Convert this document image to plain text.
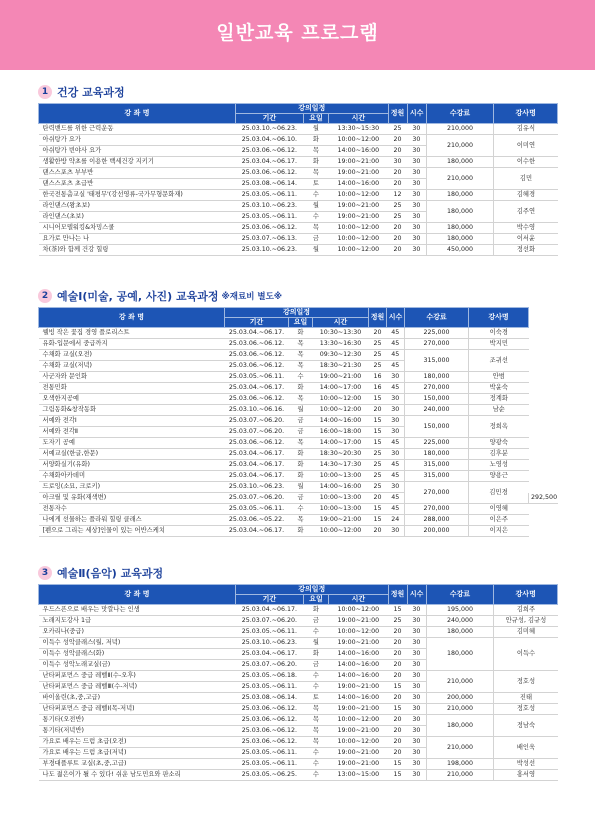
일반교육 프로그램
1 건강 교육과정
강 좌 명	강의일정			정원	시수	수강료	강사명
	기간	요일	시간				
탄력밴드를 위한 근력운동	25.03.10.~06.23.	월	13:30~15:30	25	30	210,000	김유식
아쉬탕가 요가	25.03.04.~06.10.	화	10:00~12:00	20	30	210,000	이미연
아쉬탕가 빈야사 요가	25.03.06.~06.12.	목	14:00~16:00	20	30		
생활한방 약초를 이용한 백세건강 지키기	25.03.04.~06.17.	화	19:00~21:00	30	30	180,000	이수한
댄스스포츠 부부반	25.03.06.~06.12.	목	19:00~21:00	20	30	210,000	김민
댄스스포츠 초급반	25.03.08.~06.14.	토	14:00~16:00	20	30		
한국전통춤교실 '태평무'(강선영류-국가무형문화재)	25.03.05.~06.11.	수	10:00~12:00	12	30	180,000	김혜경
라인댄스(왕초보)	25.03.10.~06.23.	월	19:00~21:00	25	30	180,000	김주연
라인댄스(초보)	25.03.05.~06.11.	수	19:00~21:00	25	30		
시니어모델워킹&차밍스쿨	25.03.06.~06.12.	목	10:00~12:00	20	30	180,000	박수영
요가로 만나는 나	25.03.07.~06.13.	금	10:00~12:00	20	30	180,000	이서윤
차(茶)와 함께 건강 힐링	25.03.10.~06.23.	월	10:00~12:00	20	30	450,000	정선화
2 예술Ⅰ(미술, 공예, 사진) 교육과정 ※재료비 별도※
강 좌 명	강의일정			정원	시수	수강료	강사명	
	기간	요일	시간					
웰빙 작은 꽃집 경영 플로리스트	25.03.04.~06.17.	화	10:30~13:30	20	45	225,000	이숙경	
유화-입문에서 중급까지	25.03.06.~06.12.	목	13:30~16:30	25	45	270,000	박지민	
수채화 교실(오전)	25.03.06.~06.12.	목	09:30~12:30	25	45	315,000	조귀선	
수채화 교실(저녁)	25.03.06.~06.12.	목	18:30~21:30	25	45			
사군자와 문인화	25.03.05.~06.11.	수	19:00~21:00	16	30	180,000	안범	
전통민화	25.03.04.~06.17.	화	14:00~17:00	16	45	270,000	박윤숙	
오색한지공예	25.03.06.~06.12.	목	10:00~12:00	15	30	150,000	정계화	
그림동화&창작동화	25.03.10.~06.16.	월	10:00~12:00	20	30	240,000	남순	
서예와 전각Ⅰ	25.03.07.~06.20.	금	14:00~16:00	15	30	150,000	정희옥	
서예와 전각Ⅱ	25.03.07.~06.20.	금	16:00~18:00	15	30			
도자기 공예	25.03.06.~06.12.	목	14:00~17:00	15	45	225,000	양광숙	
서예교실(한글,한문)	25.03.04.~06.17.	화	18:30~20:30	25	30	180,000	김후분	
서양화실기(유화)	25.03.04.~06.17.	화	14:30~17:30	25	45	315,000	노영성	
수채화아카데미	25.03.04.~06.17.	화	10:00~13:00	25	45	315,000	양용근	
드로잉(소묘, 크로키)	25.03.10.~06.23.	월	14:00~16:00	25	30	270,000	김민경	
아크릴 및 유화(재색변)	25.03.07.~06.20.	금	10:00~13:00	20	45			292,500
전통자수	25.03.05.~06.11.	수	10:00~13:00	15	45	270,000	이영혜	
나에게 선물하는 플라워 힐링 클래스	25.03.06.~05.22.	목	19:00~21:00	15	24	288,000	이은주	
[펜으로 그리는 세상]인물이 있는 어반스케치	25.03.04.~06.17.	화	10:00~12:00	20	30	200,000	이지은	
3 예술Ⅱ(음악) 교육과정
강 좌 명	강의일정			정원	시수	수강료	강사명
	기간	요일	시간				
우드스픈으로 배우는 맛깔나는 인생	25.03.04.~06.17.	화	10:00~12:00	15	30	195,000	김희주
노래지도강사 1급	25.03.07.~06.20.	금	19:00~21:00	25	30	240,000	안규성, 김규성
오카리나(중급)	25.03.05.~06.11.	수	10:00~12:00	20	30	180,000	김미혜
이득수 성악클래스(월, 저녁)	25.03.10.~06.23.	월	19:00~21:00	20	30	180,000	이득수
이득수 성악클래스(화)	25.03.04.~06.17.	화	14:00~16:00	20	30		
이득수 성악노래교실(금)	25.03.07.~06.20.	금	14:00~16:00	20	30		
난타퍼포먼스 중급 레벨Ⅱ(수-오후)	25.03.05.~06.18.	수	14:00~16:00	20	30	210,000	정호성
난타퍼포먼스 중급 레벨Ⅲ(수-저녁)	25.03.05.~06.11.	수	19:00~21:00	15	30		
바이올린(초,중,고급)	25.03.08.~06.14.	토	14:00~16:00	20	30	200,000	진태
난타퍼포먼스 중급 레벨Ⅰ(목-저녁)	25.03.06.~06.12.	목	19:00~21:00	15	30	210,000	정호성
통기타(오전반)	25.03.06.~06.12.	목	10:00~12:00	20	30	180,000	정남숙
통기타(저녁반)	25.03.06.~06.12.	목	19:00~21:00	20	30		
가요로 배우는 드럼 초급(오전)	25.03.06.~06.12.	목	10:00~12:00	20	30	210,000	배인욱
가요로 배우는 드럼 초급(저녁)	25.03.05.~06.11.	수	19:00~21:00	20	30		
부경대플루트 교실(초,중,고급)	25.03.05.~06.11.	수	19:00~21:00	15	30	198,000	박성선
나도 젊은이가 될 수 있다! 쉬운 남도민요와 판소리	25.03.05.~06.25.	수	13:00~15:00	15	30	210,000	홍서영
